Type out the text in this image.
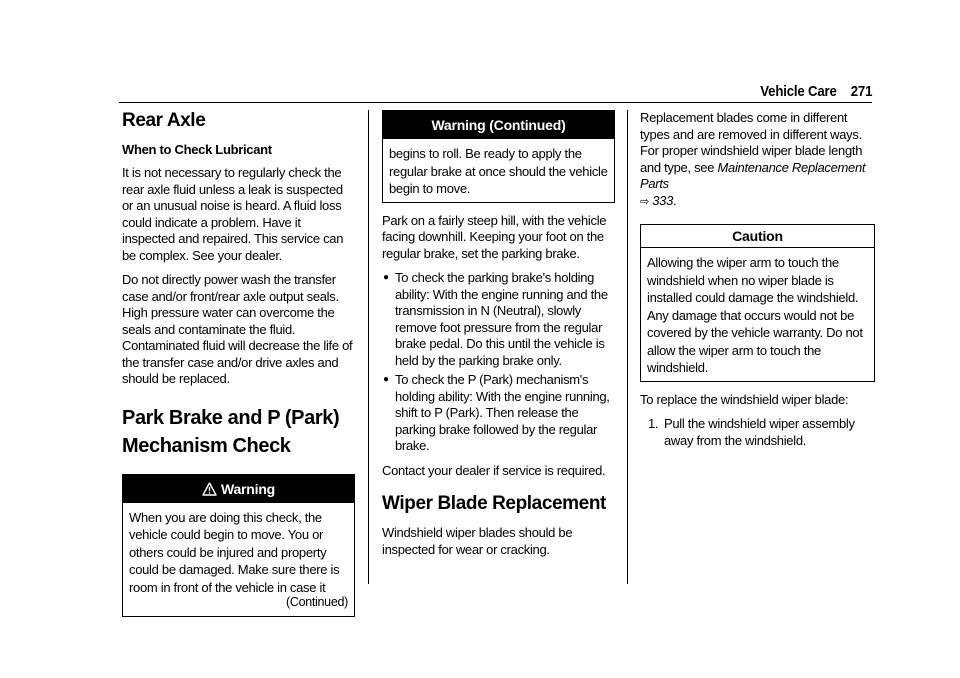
Vehicle Care 271
Rear Axle
When to Check Lubricant

It is not necessary to regularly check the rear axle fluid unless a leak is suspected or an unusual noise is heard. A fluid loss could indicate a problem. Have it inspected and repaired. This service can be complex. See your dealer.

Do not directly power wash the transfer case and/or front/rear axle output seals. High pressure water can overcome the seals and contaminate the fluid. Contaminated fluid will decrease the life of the transfer case and/or drive axles and should be replaced.

Park Brake and P (Park)
Mechanism Check
Warning
When you are doing this check, the vehicle could begin to move. You or others could be injured and property could be damaged. Make sure there is room in front of the vehicle in case it
(Continued)
Warning (Continued)
begins to roll. Be ready to apply the regular brake at once should the vehicle begin to move.

Park on a fairly steep hill, with the vehicle facing downhill. Keeping your foot on the regular brake, set the parking brake.

● To check the parking brake's holding ability: With the engine running and the transmission in N (Neutral), slowly remove foot pressure from the regular brake pedal. Do this until the vehicle is held by the parking brake only.
● To check the P (Park) mechanism's holding ability: With the engine running, shift to P (Park). Then release the parking brake followed by the regular brake.

Contact your dealer if service is required.

Wiper Blade Replacement

Windshield wiper blades should be inspected for wear or cracking.

Replacement blades come in different types and are removed in different ways. For proper windshield wiper blade length and type, see Maintenance Replacement Parts
⇨ 333.

Caution
Allowing the wiper arm to touch the windshield when no wiper blade is installed could damage the windshield. Any damage that occurs would not be covered by the vehicle warranty. Do not allow the wiper arm to touch the windshield.

To replace the windshield wiper blade:

1. Pull the windshield wiper assembly away from the windshield.
